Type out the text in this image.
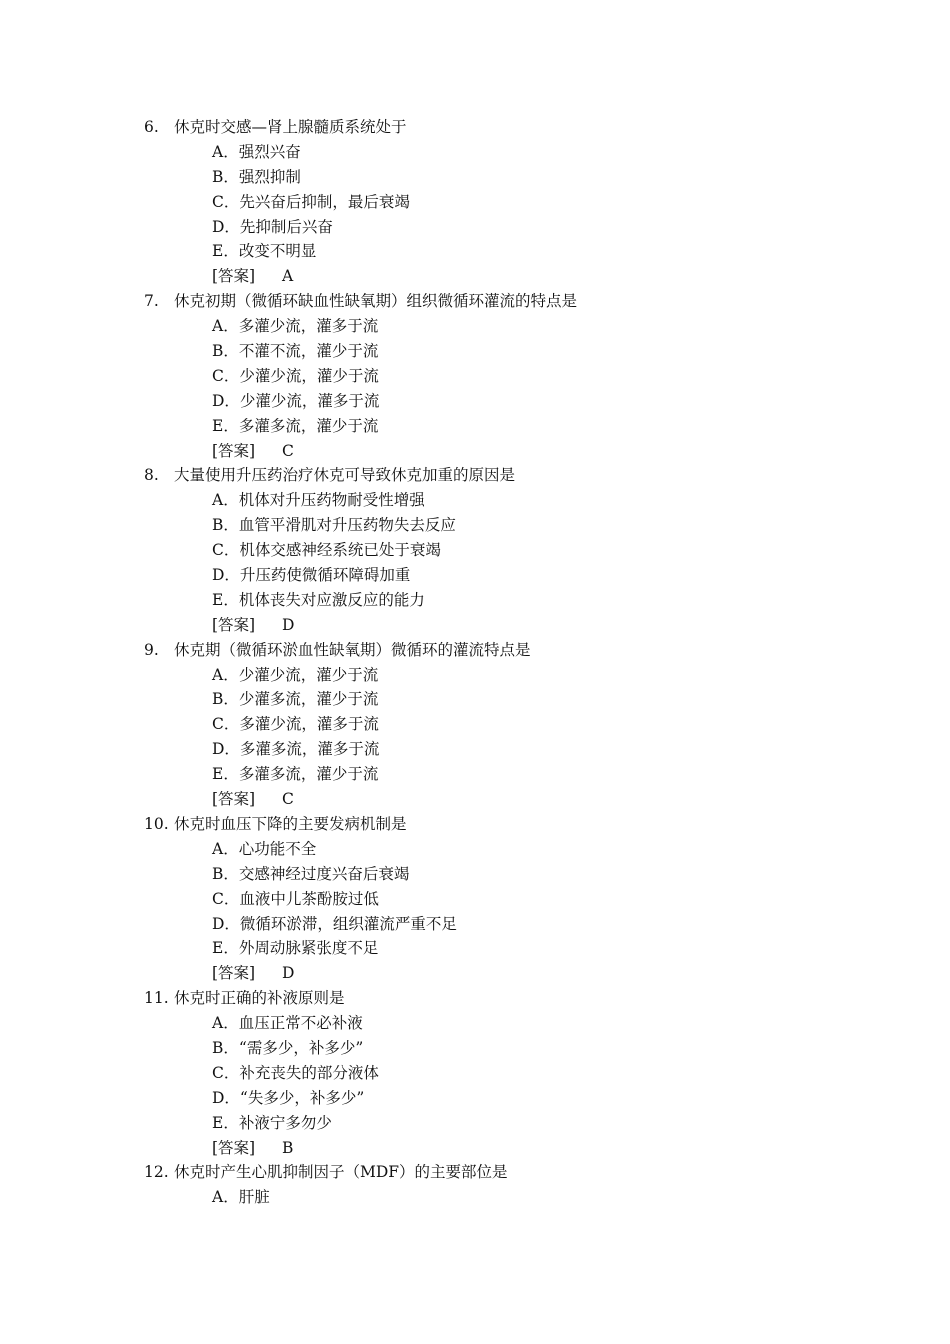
6. 休克时交感—肾上腺髓质系统处于
A．强烈兴奋
B．强烈抑制
C．先兴奋后抑制，最后衰竭
D．先抑制后兴奋
E．改变不明显
[答案] A
7. 休克初期（微循环缺血性缺氧期）组织微循环灌流的特点是
A．多灌少流，灌多于流
B．不灌不流，灌少于流
C．少灌少流，灌少于流
D．少灌少流，灌多于流
E．多灌多流，灌少于流
[答案] C
8. 大量使用升压药治疗休克可导致休克加重的原因是
A．机体对升压药物耐受性增强
B．血管平滑肌对升压药物失去反应
C．机体交感神经系统已处于衰竭
D．升压药使微循环障碍加重
E．机体丧失对应激反应的能力
[答案] D
9. 休克期（微循环淤血性缺氧期）微循环的灌流特点是
A．少灌少流，灌少于流
B．少灌多流，灌少于流
C．多灌少流，灌多于流
D．多灌多流，灌多于流
E．多灌多流，灌少于流
[答案] C
10. 休克时血压下降的主要发病机制是
A．心功能不全
B．交感神经过度兴奋后衰竭
C．血液中儿茶酚胺过低
D．微循环淤滞，组织灌流严重不足
E．外周动脉紧张度不足
[答案] D
11. 休克时正确的补液原则是
A．血压正常不必补液
B．“需多少，补多少”
C．补充丧失的部分液体
D．“失多少，补多少”
E．补液宁多勿少
[答案] B
12. 休克时产生心肌抑制因子（MDF）的主要部位是
A．肝脏
